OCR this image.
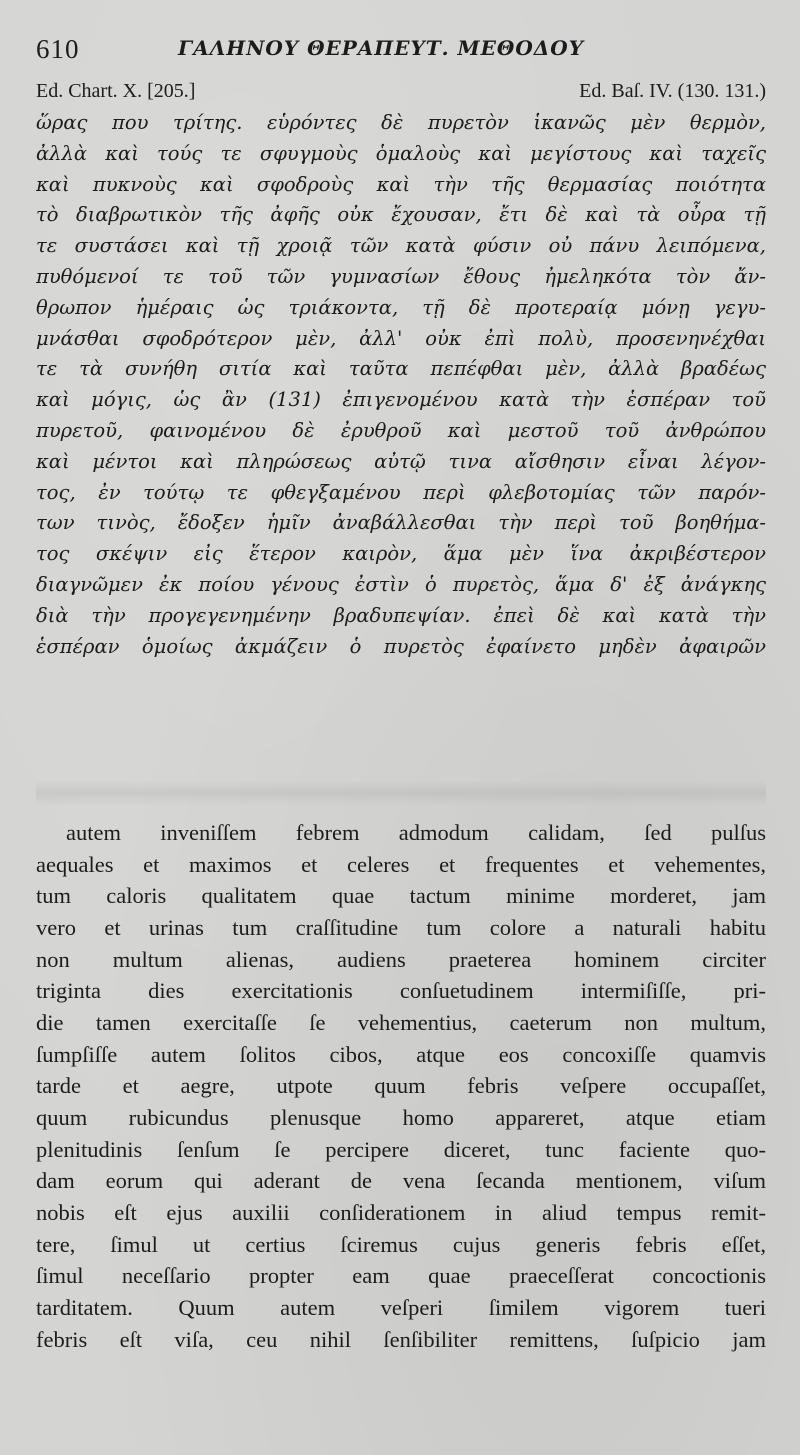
610	ΓΑΛΗΝΟΥ ΘΕΡΑΠΕΥΤ. ΜΕΘΟΔΟΥ
Ed. Chart. X. [205.]	Ed. Baſ. IV. (130. 131.)
ὥρας που τρίτης. εὑρόντες δὲ πυρετὸν ἱκανῶς μὲν θερμὸν,
ἀλλὰ καὶ τούς τε σφυγμοὺς ὁμαλοὺς καὶ μεγίστους καὶ ταχεῖς
καὶ πυκνοὺς καὶ σφοδροὺς καὶ τὴν τῆς θερμασίας ποιότητα
τὸ διαβρωτικὸν τῆς ἀφῆς οὐκ ἔχουσαν, ἔτι δὲ καὶ τὰ οὖρα τῇ
τε συστάσει καὶ τῇ χροιᾷ τῶν κατὰ φύσιν οὐ πάνυ λειπόμενα,
πυθόμενοί τε τοῦ τῶν γυμνασίων ἔθους ἠμεληκότα τὸν ἄν-
θρωπον ἡμέραις ὡς τριάκοντα, τῇ δὲ προτεραίᾳ μόνῃ γεγυ-
μνάσθαι σφοδρότερον μὲν, ἀλλ' οὐκ ἐπὶ πολὺ, προσενηνέχθαι
τε τὰ συνήθη σιτία καὶ ταῦτα πεπέφθαι μὲν, ἀλλὰ βραδέως
καὶ μόγις, ὡς ἂν (131) ἐπιγενομένου κατὰ τὴν ἑσπέραν τοῦ
πυρετοῦ, φαινομένου δὲ ἐρυθροῦ καὶ μεστοῦ τοῦ ἀνθρώπου
καὶ μέντοι καὶ πληρώσεως αὐτῷ τινα αἴσθησιν εἶναι λέγον-
τος, ἐν τούτῳ τε φθεγξαμένου περὶ φλεβοτομίας τῶν παρόν-
των τινὸς, ἔδοξεν ἡμῖν ἀναβάλλεσθαι τὴν περὶ τοῦ βοηθήμα-
τος σκέψιν εἰς ἕτερον καιρὸν, ἅμα μὲν ἵνα ἀκριβέστερον
διαγνῶμεν ἐκ ποίου γένους ἐστὶν ὁ πυρετὸς, ἅμα δ' ἐξ ἀνάγκης
διὰ τὴν προγεγενημένην βραδυπεψίαν. ἐπεὶ δὲ καὶ κατὰ τὴν
ἑσπέραν ὁμοίως ἀκμάζειν ὁ πυρετὸς ἐφαίνετο μηδὲν ἀφαιρῶν
autem inveniſſem febrem admodum calidam, ſed pulſus
aequales et maximos et celeres et frequentes et vehementes,
tum caloris qualitatem quae tactum minime morderet, jam
vero et urinas tum craſſitudine tum colore a naturali habitu
non multum alienas, audiens praeterea hominem circiter
triginta dies exercitationis conſuetudinem intermiſiſſe, pri-
die tamen exercitaſſe ſe vehementius, caeterum non multum,
ſumpſiſſe autem ſolitos cibos, atque eos concoxiſſe quamvis
tarde et aegre, utpote quum febris veſpere occupaſſet,
quum rubicundus plenusque homo appareret, atque etiam
plenitudinis ſenſum ſe percipere diceret, tunc faciente quo-
dam eorum qui aderant de vena ſecanda mentionem, viſum
nobis eſt ejus auxilii conſiderationem in aliud tempus remit-
tere, ſimul ut certius ſciremus cujus generis febris eſſet,
ſimul neceſſario propter eam quae praeceſſerat concoctionis
tarditatem. Quum autem veſperi ſimilem vigorem tueri
febris eſt viſa, ceu nihil ſenſibiliter remittens, ſuſpicio jam
